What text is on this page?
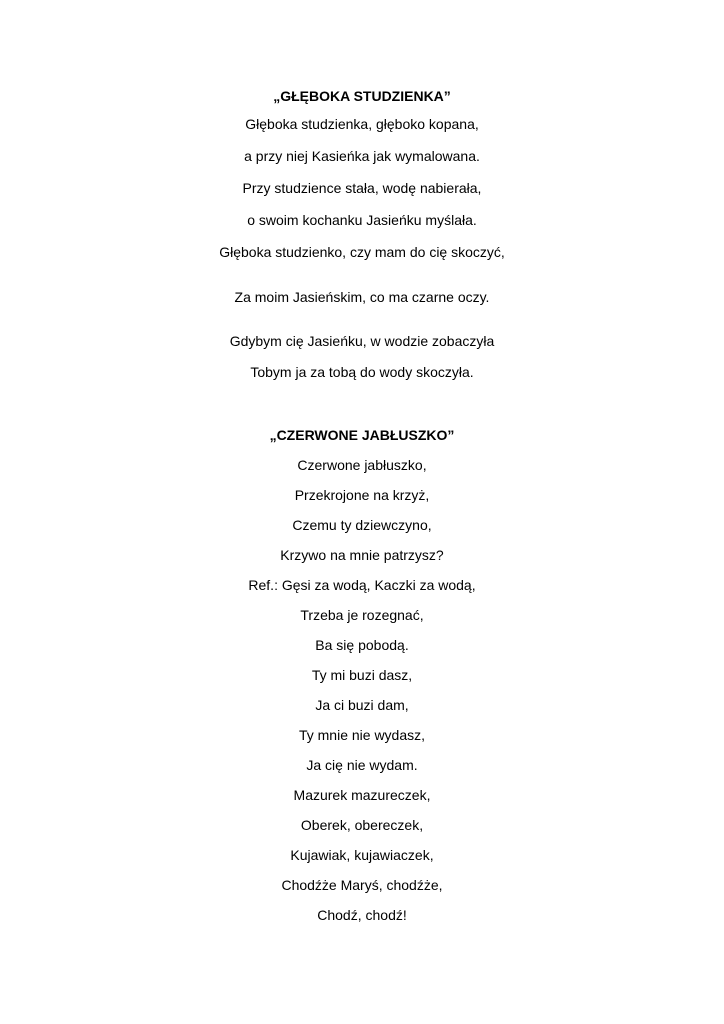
„GŁĘBOKA STUDZIENKA”
Głęboka studzienka, głęboko kopana,
a przy niej Kasieńka jak wymalowana.
Przy studzience stała, wodę nabierała,
o swoim kochanku Jasieńku myślała.
Głęboka studzienko, czy mam do cię skoczyć,
Za moim Jasieńskim, co ma czarne oczy.
Gdybym cię Jasieńku, w wodzie zobaczyła
Tobym ja za tobą do wody skoczyła.
„CZERWONE JABŁUSZKO”
Czerwone jabłuszko,
Przekrojone na krzyż,
Czemu ty dziewczyno,
Krzywo na mnie patrzysz?
Ref.: Gęsi za wodą, Kaczki za wodą,
Trzeba je rozegnać,
Ba się pobodą.
Ty mi buzi dasz,
Ja ci buzi dam,
Ty mnie nie wydasz,
Ja cię nie wydam.
Mazurek mazureczek,
Oberek, obereczek,
Kujawiak, kujawiaczek,
Chodźże Maryś, chodźże,
Chodź, chodź!
